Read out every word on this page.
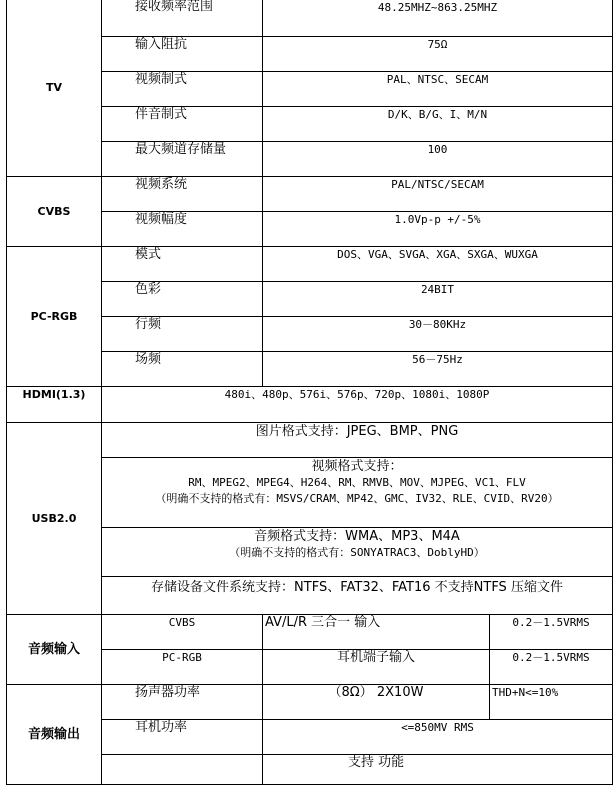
TV	接收频率范围	48.25MHZ~863.25MHZ	
	输入阻抗	75Ω	
	视频制式	PAL、NTSC、SECAM	
	伴音制式	D/K、B/G、I、M/N	
	最大频道存储量	100	
CVBS	视频系统	PAL/NTSC/SECAM	
	视频幅度	1.0Vp-p +/-5%	
PC-RGB	模式	DOS、VGA、SVGA、XGA、SXGA、WUXGA	
	色彩	24BIT	
	行频	30－80KHz	
	场频	56－75Hz	
HDMI(1.3)	480i、480p、576i、576p、720p、1080i、1080P		
USB2.0	图片格式支持：JPEG、BMP、PNG		

	视频格式支持：
RM、MPEG2、MPEG4、H264、RM、RMVB、MOV、MJPEG、VC1、FLV
（明确不支持的格式有：MSVS/CRAM、MP42、GMC、IV32、RLE、CVID、RV20）		

	音频格式支持：WMA、MP3、M4A
（明确不支持的格式有：SONYATRAC3、DoblyHD）		

	存储设备文件系统支持：NTFS、FAT32、FAT16 不支持NTFS 压缩文件		
音频输入	CVBS	AV/L/R 三合一 输入	0.2－1.5VRMS
	PC-RGB	耳机端子输入	0.2－1.5VRMS
音频输出	扬声器功率	（8Ω） 2X10W	THD+N<=10%
	耳机功率	<=850MV RMS	
		支持 功能	
